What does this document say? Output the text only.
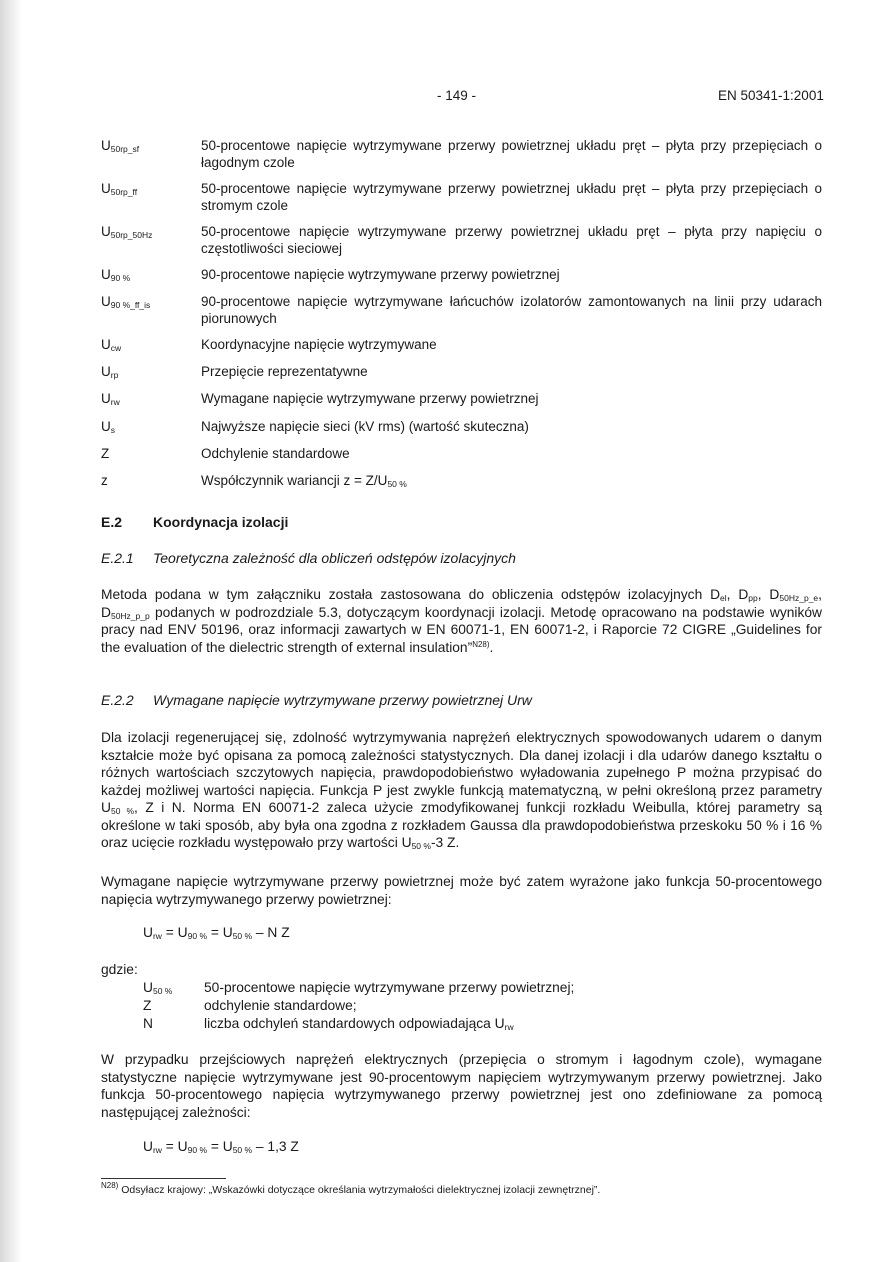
- 149 -	EN 50341-1:2001
$U_{50rp\_sf}$	50-procentowe napięcie wytrzymywane przerwy powietrznej układu pręt – płyta przy przepięciach o łagodnym czole
$U_{50rp\_ff}$	50-procentowe napięcie wytrzymywane przerwy powietrznej układu pręt – płyta przy przepięciach o stromym czole
$U_{50rp\_50Hz}$	50-procentowe napięcie wytrzymywane przerwy powietrznej układu pręt – płyta przy napięciu o częstotliwości sieciowej
$U_{90 \%}$	90-procentowe napięcie wytrzymywane przerwy powietrznej
$U_{90 \%\_ff\_is}$	90-procentowe napięcie wytrzymywane łańcuchów izolatorów zamontowanych na linii przy udarach piorunowych
$U_{cw}$	Koordynacyjne napięcie wytrzymywane
$U_{rp}$	Przepięcie reprezentatywne
$U_{rw}$	Wymagane napięcie wytrzymywane przerwy powietrznej
$U_s$	Najwyższe napięcie sieci (kV rms) (wartość skuteczna)
Z	Odchylenie standardowe
z	Współczynnik wariancji $z = Z/U_{50 \%}$
E.2 Koordynacja izolacji
E.2.1 Teoretyczna zależność dla obliczeń odstępów izolacyjnych
Metoda podana w tym załączniku została zastosowana do obliczenia odstępów izolacyjnych $D_{el}$, $D_{pp}$, $D_{50Hz\_p\_e}$, $D_{50Hz\_p\_p}$ podanych w podrozdziale 5.3, dotyczącym koordynacji izolacji. Metodę opracowano na podstawie wyników pracy nad ENV 50196, oraz informacji zawartych w EN 60071-1, EN 60071-2, i Raporcie 72 CIGRE „Guidelines for the evaluation of the dielectric strength of external insulation”$^{N28)}$.
E.2.2 Wymagane napięcie wytrzymywane przerwy powietrznej Urw
Dla izolacji regenerującej się, zdolność wytrzymywania naprężeń elektrycznych spowodowanych udarem o danym kształcie może być opisana za pomocą zależności statystycznych. Dla danej izolacji i dla udarów danego kształtu o różnych wartościach szczytowych napięcia, prawdopodobieństwo wyładowania zupełnego P można przypisać do każdej możliwej wartości napięcia. Funkcja P jest zwykle funkcją matematyczną, w pełni określoną przez parametry $U_{50 \%}$, Z i N. Norma EN 60071-2 zaleca użycie zmodyfikowanej funkcji rozkładu Weibulla, której parametry są określone w taki sposób, aby była ona zgodna z rozkładem Gaussa dla prawdopodobieństwa przeskoku 50 % i 16 % oraz ucięcie rozkładu występowało przy wartości $U_{50 \%}-3$ Z.
Wymagane napięcie wytrzymywane przerwy powietrznej może być zatem wyrażone jako funkcja 50-procentowego napięcia wytrzymywanego przerwy powietrznej:
$U_{rw} = U_{90 \%} = U_{50 \%} - N$ Z
gdzie:
$U_{50 \%}$ 50-procentowe napięcie wytrzymywane przerwy powietrznej;
Z	odchylenie standardowe;
N	liczba odchyleń standardowych odpowiadająca $U_{rw}$
W przypadku przejściowych naprężeń elektrycznych (przepięcia o stromym i łagodnym czole), wymagane statystyczne napięcie wytrzymywane jest 90-procentowym napięciem wytrzymywanym przerwy powietrznej. Jako funkcja 50-procentowego napięcia wytrzymywanego przerwy powietrznej jest ono zdefiniowane za pomocą następującej zależności:
$U_{rw} = U_{90 \%} = U_{50 \%} - 1,3$ Z
$^{N28)}$ Odsyłacz krajowy: „Wskazówki dotyczące określania wytrzymałości dielektrycznej izolacji zewnętrznej”.
